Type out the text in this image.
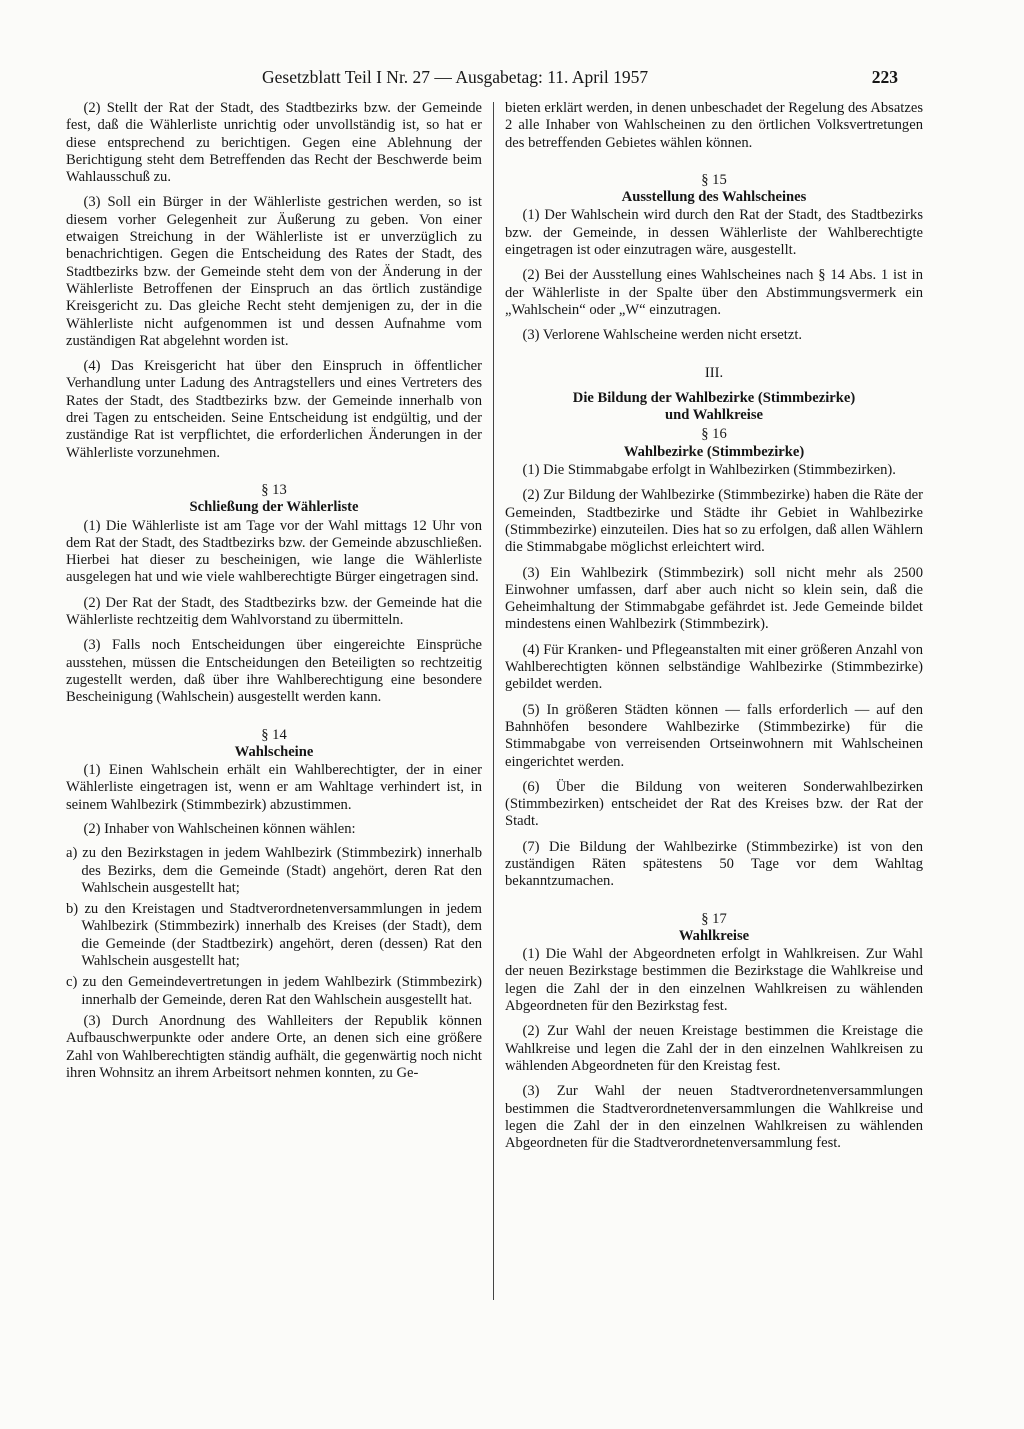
Gesetzblatt Teil I Nr. 27 — Ausgabetag: 11. April 1957	223

(2) Stellt der Rat der Stadt, des Stadtbezirks bzw. der Gemeinde fest, daß die Wählerliste unrichtig oder unvollständig ist, so hat er diese entsprechend zu berichtigen. Gegen eine Ablehnung der Berichtigung steht dem Betreffenden das Recht der Beschwerde beim Wahlausschuß zu.

(3) Soll ein Bürger in der Wählerliste gestrichen werden, so ist diesem vorher Gelegenheit zur Äußerung zu geben. Von einer etwaigen Streichung in der Wählerliste ist er unverzüglich zu benachrichtigen. Gegen die Entscheidung des Rates der Stadt, des Stadtbezirks bzw. der Gemeinde steht dem von der Änderung in der Wählerliste Betroffenen der Einspruch an das örtlich zuständige Kreisgericht zu. Das gleiche Recht steht demjenigen zu, der in die Wählerliste nicht aufgenommen ist und dessen Aufnahme vom zuständigen Rat abgelehnt worden ist.

(4) Das Kreisgericht hat über den Einspruch in öffentlicher Verhandlung unter Ladung des Antragstellers und eines Vertreters des Rates der Stadt, des Stadtbezirks bzw. der Gemeinde innerhalb von drei Tagen zu entscheiden. Seine Entscheidung ist endgültig, und der zuständige Rat ist verpflichtet, die erforderlichen Änderungen in der Wählerliste vorzunehmen.

§ 13
Schließung der Wählerliste

(1) Die Wählerliste ist am Tage vor der Wahl mittags 12 Uhr von dem Rat der Stadt, des Stadtbezirks bzw. der Gemeinde abzuschließen. Hierbei hat dieser zu bescheinigen, wie lange die Wählerliste ausgelegen hat und wie viele wahlberechtigte Bürger eingetragen sind.

(2) Der Rat der Stadt, des Stadtbezirks bzw. der Gemeinde hat die Wählerliste rechtzeitig dem Wahlvorstand zu übermitteln.

(3) Falls noch Entscheidungen über eingereichte Einsprüche ausstehen, müssen die Entscheidungen den Beteiligten so rechtzeitig zugestellt werden, daß über ihre Wahlberechtigung eine besondere Bescheinigung (Wahlschein) ausgestellt werden kann.

§ 14
Wahlscheine

(1) Einen Wahlschein erhält ein Wahlberechtigter, der in einer Wählerliste eingetragen ist, wenn er am Wahltage verhindert ist, in seinem Wahlbezirk (Stimmbezirk) abzustimmen.

(2) Inhaber von Wahlscheinen können wählen:

a) zu den Bezirkstagen in jedem Wahlbezirk (Stimmbezirk) innerhalb des Bezirks, dem die Gemeinde (Stadt) angehört, deren Rat den Wahlschein ausgestellt hat;

b) zu den Kreistagen und Stadtverordnetenversammlungen in jedem Wahlbezirk (Stimmbezirk) innerhalb des Kreises (der Stadt), dem die Gemeinde (der Stadtbezirk) angehört, deren (dessen) Rat den Wahlschein ausgestellt hat;

c) zu den Gemeindevertretungen in jedem Wahlbezirk (Stimmbezirk) innerhalb der Gemeinde, deren Rat den Wahlschein ausgestellt hat.

(3) Durch Anordnung des Wahlleiters der Republik können Aufbauschwerpunkte oder andere Orte, an denen sich eine größere Zahl von Wahlberechtigten ständig aufhält, die gegenwärtig noch nicht ihren Wohnsitz an ihrem Arbeitsort nehmen konnten, zu Ge-

bieten erklärt werden, in denen unbeschadet der Regelung des Absatzes 2 alle Inhaber von Wahlscheinen zu den örtlichen Volksvertretungen des betreffenden Gebietes wählen können.

§ 15
Ausstellung des Wahlscheines

(1) Der Wahlschein wird durch den Rat der Stadt, des Stadtbezirks bzw. der Gemeinde, in dessen Wählerliste der Wahlberechtigte eingetragen ist oder einzutragen wäre, ausgestellt.

(2) Bei der Ausstellung eines Wahlscheines nach § 14 Abs. 1 ist in der Wählerliste in der Spalte über den Abstimmungsvermerk ein „Wahlschein“ oder „W“ einzutragen.

(3) Verlorene Wahlscheine werden nicht ersetzt.

III.
Die Bildung der Wahlbezirke (Stimmbezirke)
und Wahlkreise
§ 16
Wahlbezirke (Stimmbezirke)

(1) Die Stimmabgabe erfolgt in Wahlbezirken (Stimmbezirken).

(2) Zur Bildung der Wahlbezirke (Stimmbezirke) haben die Räte der Gemeinden, Stadtbezirke und Städte ihr Gebiet in Wahlbezirke (Stimmbezirke) einzuteilen. Dies hat so zu erfolgen, daß allen Wählern die Stimmabgabe möglichst erleichtert wird.

(3) Ein Wahlbezirk (Stimmbezirk) soll nicht mehr als 2500 Einwohner umfassen, darf aber auch nicht so klein sein, daß die Geheimhaltung der Stimmabgabe gefährdet ist. Jede Gemeinde bildet mindestens einen Wahlbezirk (Stimmbezirk).

(4) Für Kranken- und Pflegeanstalten mit einer größeren Anzahl von Wahlberechtigten können selbständige Wahlbezirke (Stimmbezirke) gebildet werden.

(5) In größeren Städten können — falls erforderlich — auf den Bahnhöfen besondere Wahlbezirke (Stimmbezirke) für die Stimmabgabe von verreisenden Ortseinwohnern mit Wahlscheinen eingerichtet werden.

(6) Über die Bildung von weiteren Sonderwahlbezirken (Stimmbezirken) entscheidet der Rat des Kreises bzw. der Rat der Stadt.

(7) Die Bildung der Wahlbezirke (Stimmbezirke) ist von den zuständigen Räten spätestens 50 Tage vor dem Wahltag bekanntzumachen.

§ 17
Wahlkreise

(1) Die Wahl der Abgeordneten erfolgt in Wahlkreisen. Zur Wahl der neuen Bezirkstage bestimmen die Bezirkstage die Wahlkreise und legen die Zahl der in den einzelnen Wahlkreisen zu wählenden Abgeordneten für den Bezirkstag fest.

(2) Zur Wahl der neuen Kreistage bestimmen die Kreistage die Wahlkreise und legen die Zahl der in den einzelnen Wahlkreisen zu wählenden Abgeordneten für den Kreistag fest.

(3) Zur Wahl der neuen Stadtverordnetenversammlungen bestimmen die Stadtverordnetenversammlungen die Wahlkreise und legen die Zahl der in den einzelnen Wahlkreisen zu wählenden Abgeordneten für die Stadtverordnetenversammlung fest.
